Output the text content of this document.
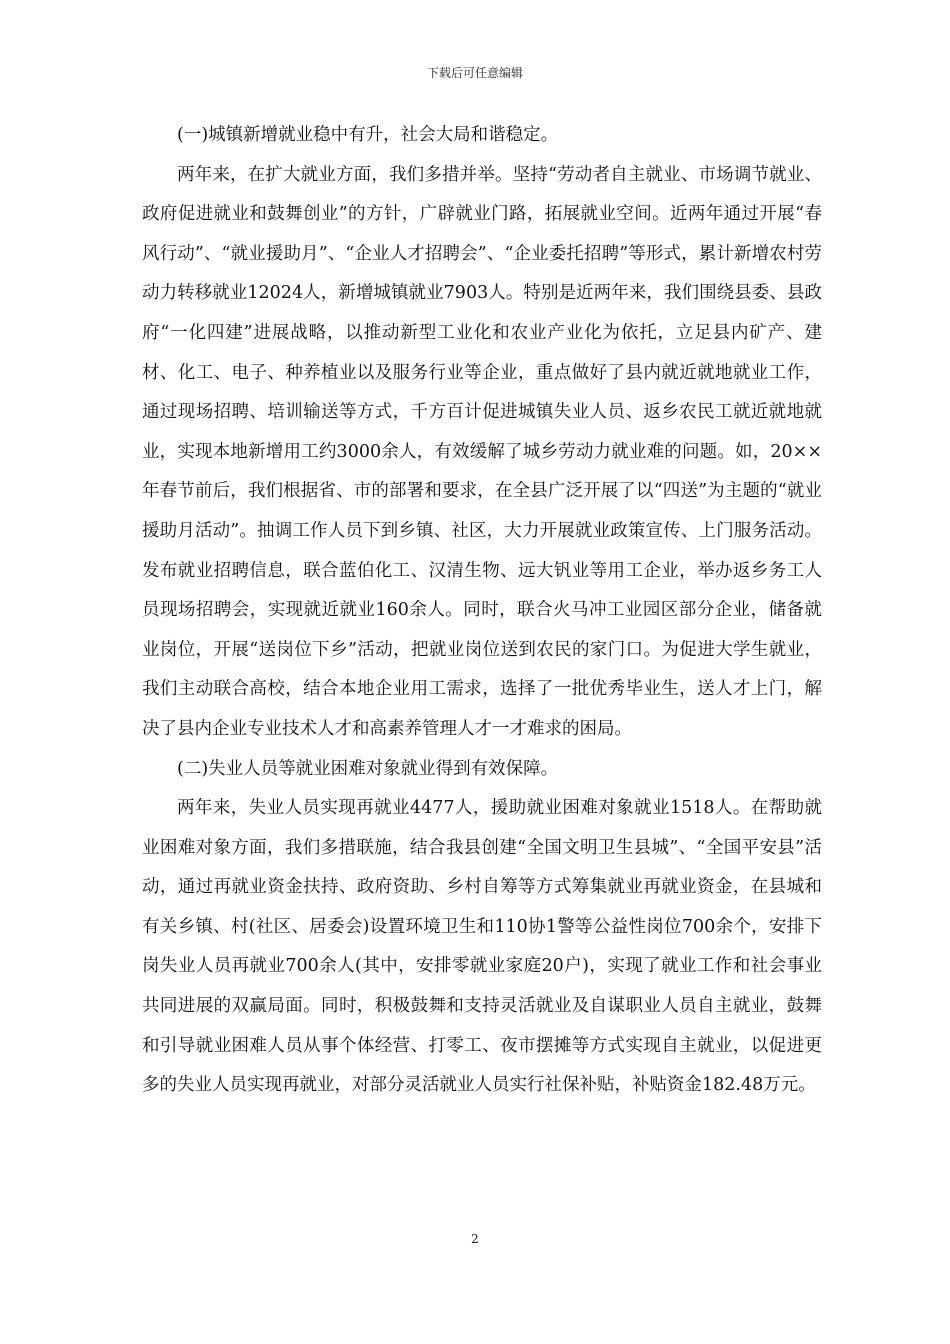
下载后可任意编辑

(一)城镇新增就业稳中有升，社会大局和谐稳定。

两年来，在扩大就业方面，我们多措并举。坚持“劳动者自主就业、市场调节就业、政府促进就业和鼓舞创业”的方针，广辟就业门路，拓展就业空间。近两年通过开展“春风行动”、“就业援助月”、“企业人才招聘会”、“企业委托招聘”等形式，累计新增农村劳动力转移就业12024人，新增城镇就业7903人。特别是近两年来，我们围绕县委、县政府“一化四建”进展战略，以推动新型工业化和农业产业化为依托，立足县内矿产、建材、化工、电子、种养植业以及服务行业等企业，重点做好了县内就近就地就业工作，通过现场招聘、培训输送等方式，千方百计促进城镇失业人员、返乡农民工就近就地就业，实现本地新增用工约3000余人，有效缓解了城乡劳动力就业难的问题。如，20××年春节前后，我们根据省、市的部署和要求，在全县广泛开展了以“四送”为主题的“就业援助月活动”。抽调工作人员下到乡镇、社区，大力开展就业政策宣传、上门服务活动。发布就业招聘信息，联合蓝伯化工、汉清生物、远大钒业等用工企业，举办返乡务工人员现场招聘会，实现就近就业160余人。同时，联合火马冲工业园区部分企业，储备就业岗位，开展“送岗位下乡”活动，把就业岗位送到农民的家门口。为促进大学生就业，我们主动联合高校，结合本地企业用工需求，选择了一批优秀毕业生，送人才上门，解决了县内企业专业技术人才和高素养管理人才一才难求的困局。

(二)失业人员等就业困难对象就业得到有效保障。

两年来，失业人员实现再就业4477人，援助就业困难对象就业1518人。在帮助就业困难对象方面，我们多措联施，结合我县创建“全国文明卫生县城”、“全国平安县”活动，通过再就业资金扶持、政府资助、乡村自筹等方式筹集就业再就业资金，在县城和有关乡镇、村(社区、居委会)设置环境卫生和110协1警等公益性岗位700余个，安排下岗失业人员再就业700余人(其中，安排零就业家庭20户)，实现了就业工作和社会事业共同进展的双赢局面。同时，积极鼓舞和支持灵活就业及自谋职业人员自主就业，鼓舞和引导就业困难人员从事个体经营、打零工、夜市摆摊等方式实现自主就业，以促进更多的失业人员实现再就业，对部分灵活就业人员实行社保补贴，补贴资金182.48万元。

2
